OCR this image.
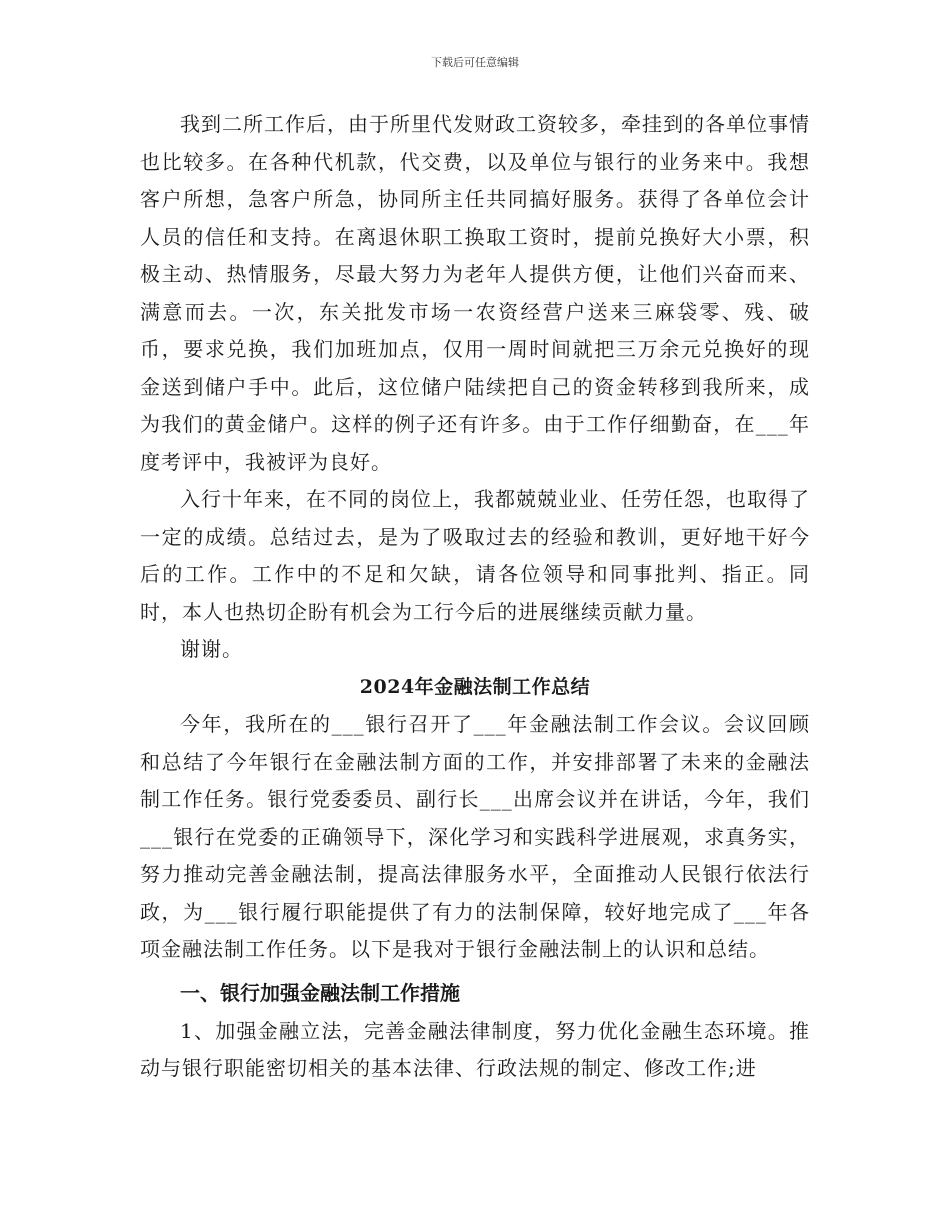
下载后可任意编辑

我到二所工作后，由于所里代发财政工资较多，牵挂到的各单位事情也比较多。在各种代机款，代交费，以及单位与银行的业务来中。我想客户所想，急客户所急，协同所主任共同搞好服务。获得了各单位会计人员的信任和支持。在离退休职工换取工资时，提前兑换好大小票，积极主动、热情服务，尽最大努力为老年人提供方便，让他们兴奋而来、满意而去。一次，东关批发市场一农资经营户送来三麻袋零、残、破币，要求兑换，我们加班加点，仅用一周时间就把三万余元兑换好的现金送到储户手中。此后，这位储户陆续把自己的资金转移到我所来，成为我们的黄金储户。这样的例子还有许多。由于工作仔细勤奋，在___年度考评中，我被评为良好。

入行十年来，在不同的岗位上，我都兢兢业业、任劳任怨，也取得了一定的成绩。总结过去，是为了吸取过去的经验和教训，更好地干好今后的工作。工作中的不足和欠缺，请各位领导和同事批判、指正。同时，本人也热切企盼有机会为工行今后的进展继续贡献力量。

谢谢。

2024年金融法制工作总结

今年，我所在的___银行召开了___年金融法制工作会议。会议回顾和总结了今年银行在金融法制方面的工作，并安排部署了未来的金融法制工作任务。银行党委委员、副行长___出席会议并在讲话，今年，我们___银行在党委的正确领导下，深化学习和实践科学进展观，求真务实，努力推动完善金融法制，提高法律服务水平，全面推动人民银行依法行政，为___银行履行职能提供了有力的法制保障，较好地完成了___年各项金融法制工作任务。以下是我对于银行金融法制上的认识和总结。

一、银行加强金融法制工作措施

1、加强金融立法，完善金融法律制度，努力优化金融生态环境。推动与银行职能密切相关的基本法律、行政法规的制定、修改工作;进
